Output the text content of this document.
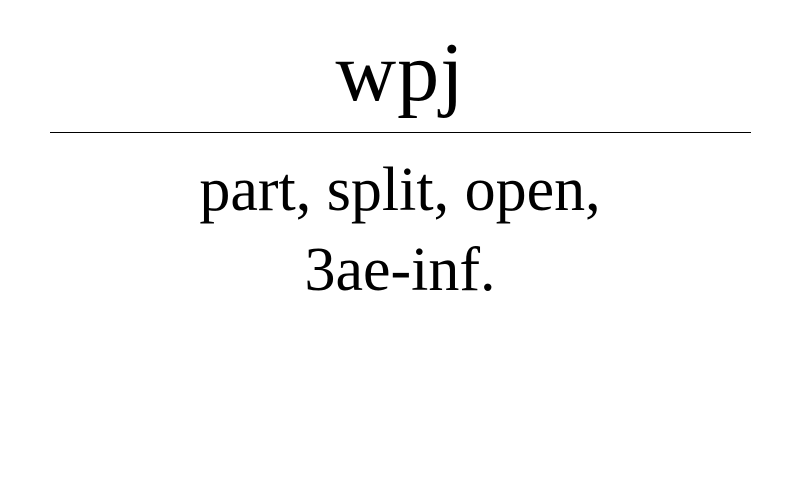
wpj
part, split, open,
3ae-inf.
